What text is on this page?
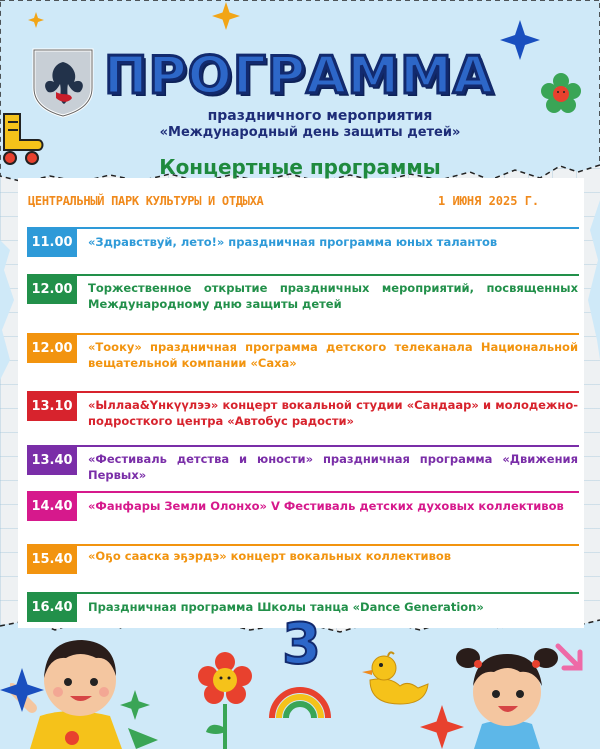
ПРОГРАММА
праздничного мероприятия
«Международный день защиты детей»
Концертные программы
ЦЕНТРАЛЬНЫЙ ПАРК КУЛЬТУРЫ И ОТДЫХА	1 ИЮНЯ 2025 Г.
11.00	«Здравствуй, лето!» праздничная программа юных талантов
12.00	Торжественное открытие праздничных мероприятий, посвященных Международному дню защиты детей
12.00	«Тооку» праздничная программа детского телеканала Национальной вещательной компании «Саха»
13.10	«Ыллаа&Үнкүүлээ» концерт вокальной студии «Сандаар» и молодежно-подросткого центра «Автобус радости»
13.40	«Фестиваль детства и юности» праздничная программа «Движения Первых»
14.40	«Фанфары Земли Олонхо» V Фестиваль детских духовых коллективов
15.40	«Оҕо сааска эҕэрдэ» концерт вокальных коллективов
16.40	Праздничная программа Школы танца «Dance Generation»
3
